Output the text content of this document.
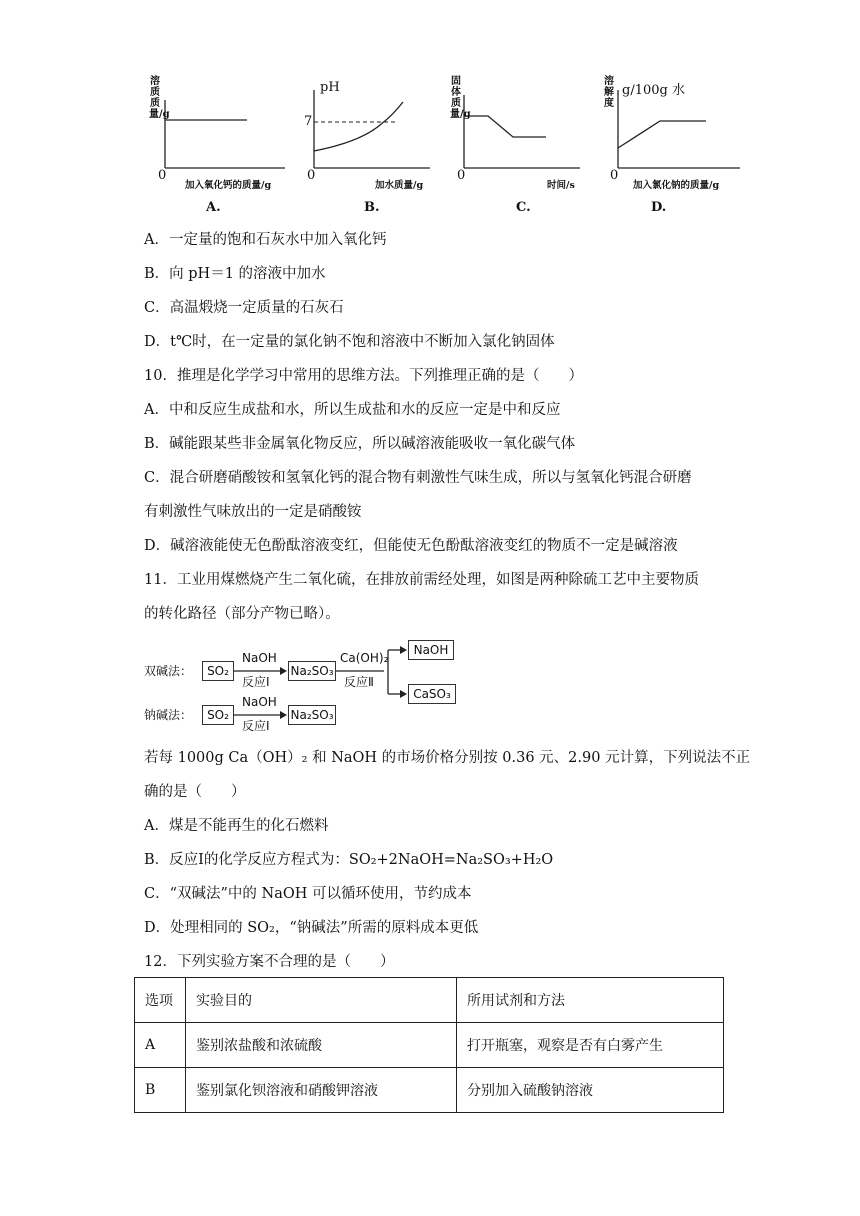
溶质质量/g
0
加入氧化钙的质量/g
A.
pH
7
0
加水质量/g
B.
固体质量/g
0
时间/s
C.
溶解度
g/100g 水
0
加入氯化钠的质量/g
D.
A．一定量的饱和石灰水中加入氧化钙
B．向 pH＝1 的溶液中加水
C．高温煅烧一定质量的石灰石
D．t℃时，在一定量的氯化钠不饱和溶液中不断加入氯化钠固体
10．推理是化学学习中常用的思维方法。下列推理正确的是（　　）
A．中和反应生成盐和水，所以生成盐和水的反应一定是中和反应
B．碱能跟某些非金属氧化物反应，所以碱溶液能吸收一氧化碳气体
C．混合研磨硝酸铵和氢氧化钙的混合物有刺激性气味生成，所以与氢氧化钙混合研磨
有刺激性气味放出的一定是硝酸铵
D．碱溶液能使无色酚酞溶液变红，但能使无色酚酞溶液变红的物质不一定是碱溶液
11．工业用煤燃烧产生二氧化硫，在排放前需经处理，如图是两种除硫工艺中主要物质
的转化路径（部分产物已略）。
双碱法：	SO₂
NaOH
反应Ⅰ
Na₂SO₃
Ca(OH)₂
反应Ⅱ
NaOH
CaSO₃
钠碱法：	SO₂
NaOH
反应Ⅰ
Na₂SO₃
若每 1000g Ca（OH）₂ 和 NaOH 的市场价格分别按 0.36 元、2.90 元计算，下列说法不正
确的是（　　）
A．煤是不能再生的化石燃料
B．反应Ⅰ的化学反应方程式为：SO₂+2NaOH=Na₂SO₃+H₂O
C．“双碱法”中的 NaOH 可以循环使用，节约成本
D．处理相同的 SO₂，“钠碱法”所需的原料成本更低
12．下列实验方案不合理的是（　　）
选项	实验目的	所用试剂和方法
A	鉴别浓盐酸和浓硫酸	打开瓶塞，观察是否有白雾产生
B	鉴别氯化钡溶液和硝酸钾溶液	分别加入硫酸钠溶液
